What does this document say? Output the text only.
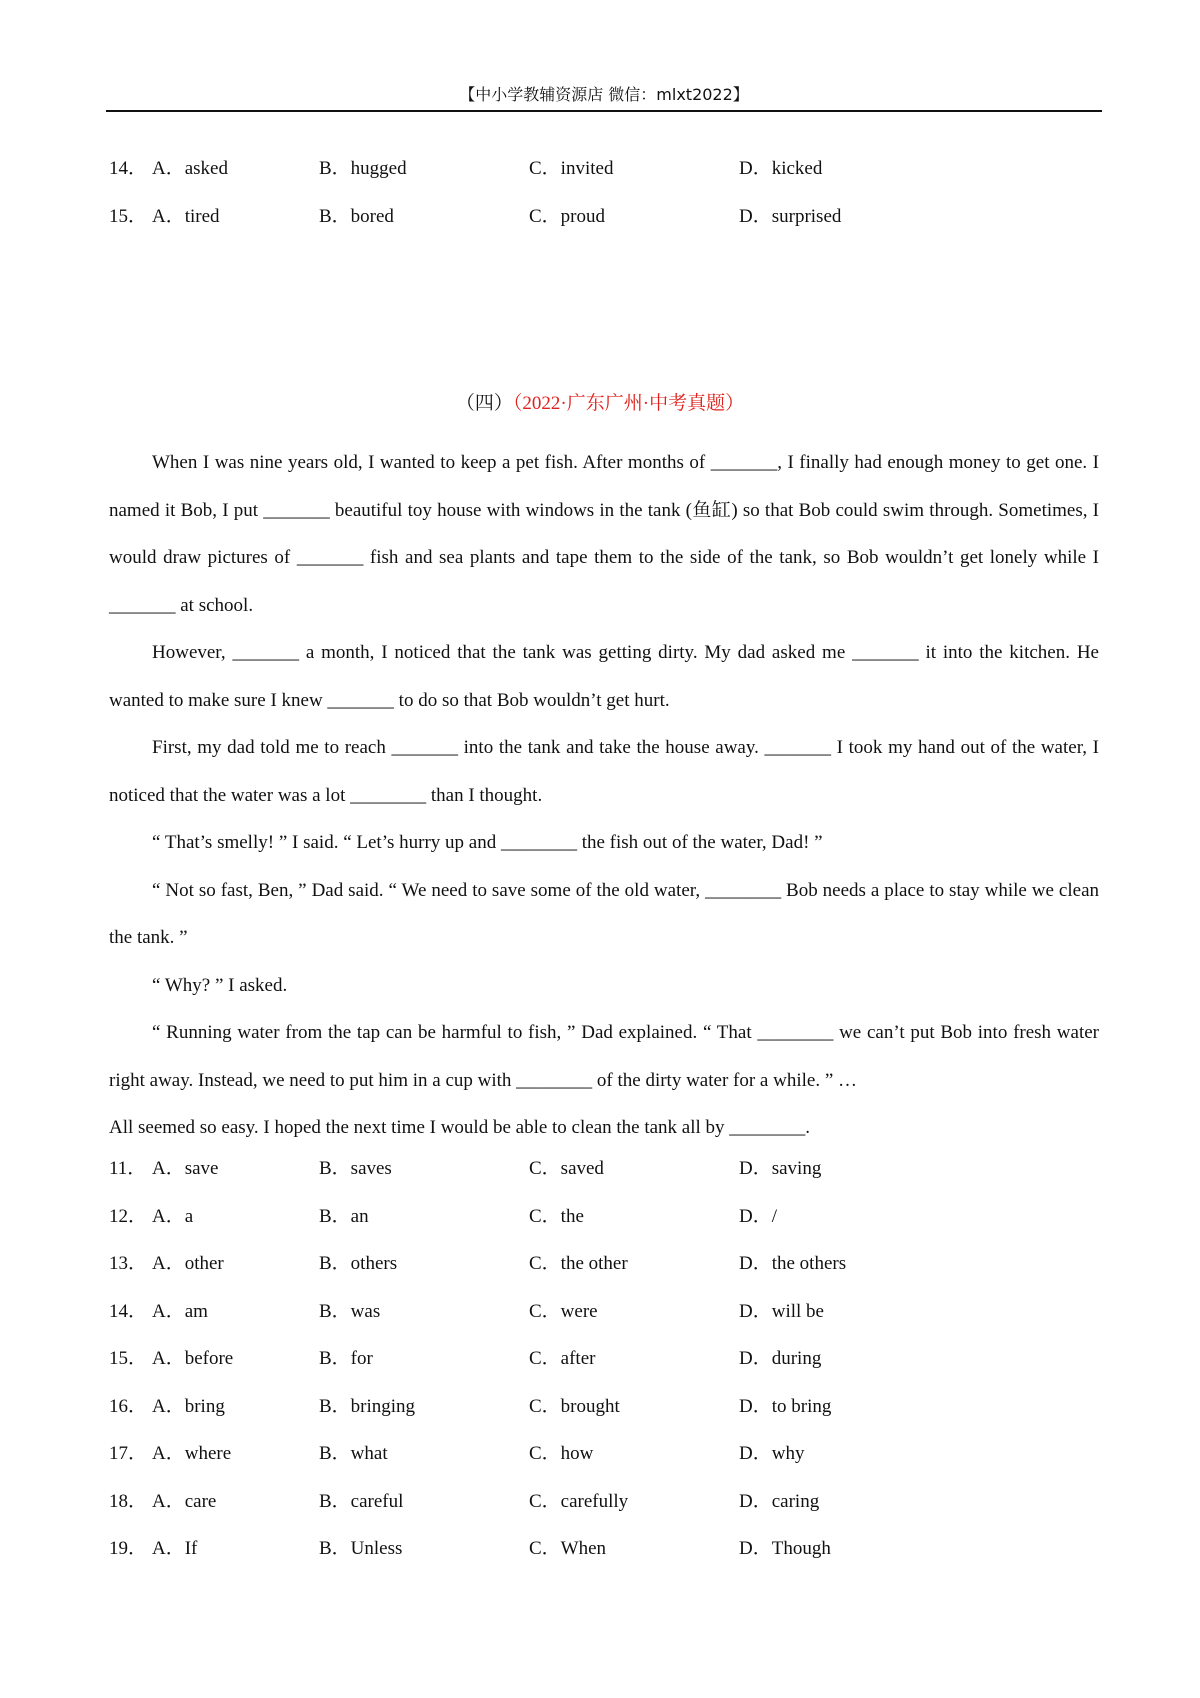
【中小学教辅资源店 微信：mlxt2022】
14． A．asked	B．hugged	C．invited	D．kicked
15． A．tired	B．bored	C．proud	D．surprised
（四）（2022·广东广州·中考真题）

When I was nine years old, I wanted to keep a pet fish. After months of _______, I finally had enough money to get one. I named it Bob, I put _______ beautiful toy house with windows in the tank (鱼缸) so that Bob could swim through. Sometimes, I would draw pictures of _______ fish and sea plants and tape them to the side of the tank, so Bob wouldn’t get lonely while I _______ at school.

However, _______ a month, I noticed that the tank was getting dirty. My dad asked me _______ it into the kitchen. He wanted to make sure I knew _______ to do so that Bob wouldn’t get hurt.

First, my dad told me to reach _______ into the tank and take the house away. _______ I took my hand out of the water, I noticed that the water was a lot ________ than I thought.

“ That’s smelly! ” I said. “ Let’s hurry up and ________ the fish out of the water, Dad! ”

“ Not so fast, Ben, ” Dad said. “ We need to save some of the old water, ________ Bob needs a place to stay while we clean the tank. ”

“ Why? ” I asked.

“ Running water from the tap can be harmful to fish, ” Dad explained. “ That ________ we can’t put Bob into fresh water right away. Instead, we need to put him in a cup with ________ of the dirty water for a while. ” …

All seemed so easy. I hoped the next time I would be able to clean the tank all by ________.

11． A．save	B．saves	C．saved	D．saving
12． A．a	B．an	C．the	D．/
13． A．other	B．others	C．the other	D．the others
14． A．am	B．was	C．were	D．will be
15． A．before	B．for	C．after	D．during
16． A．bring	B．bringing	C．brought	D．to bring
17． A．where	B．what	C．how	D．why
18． A．care	B．careful	C．carefully	D．caring
19． A．If	B．Unless	C．When	D．Though
